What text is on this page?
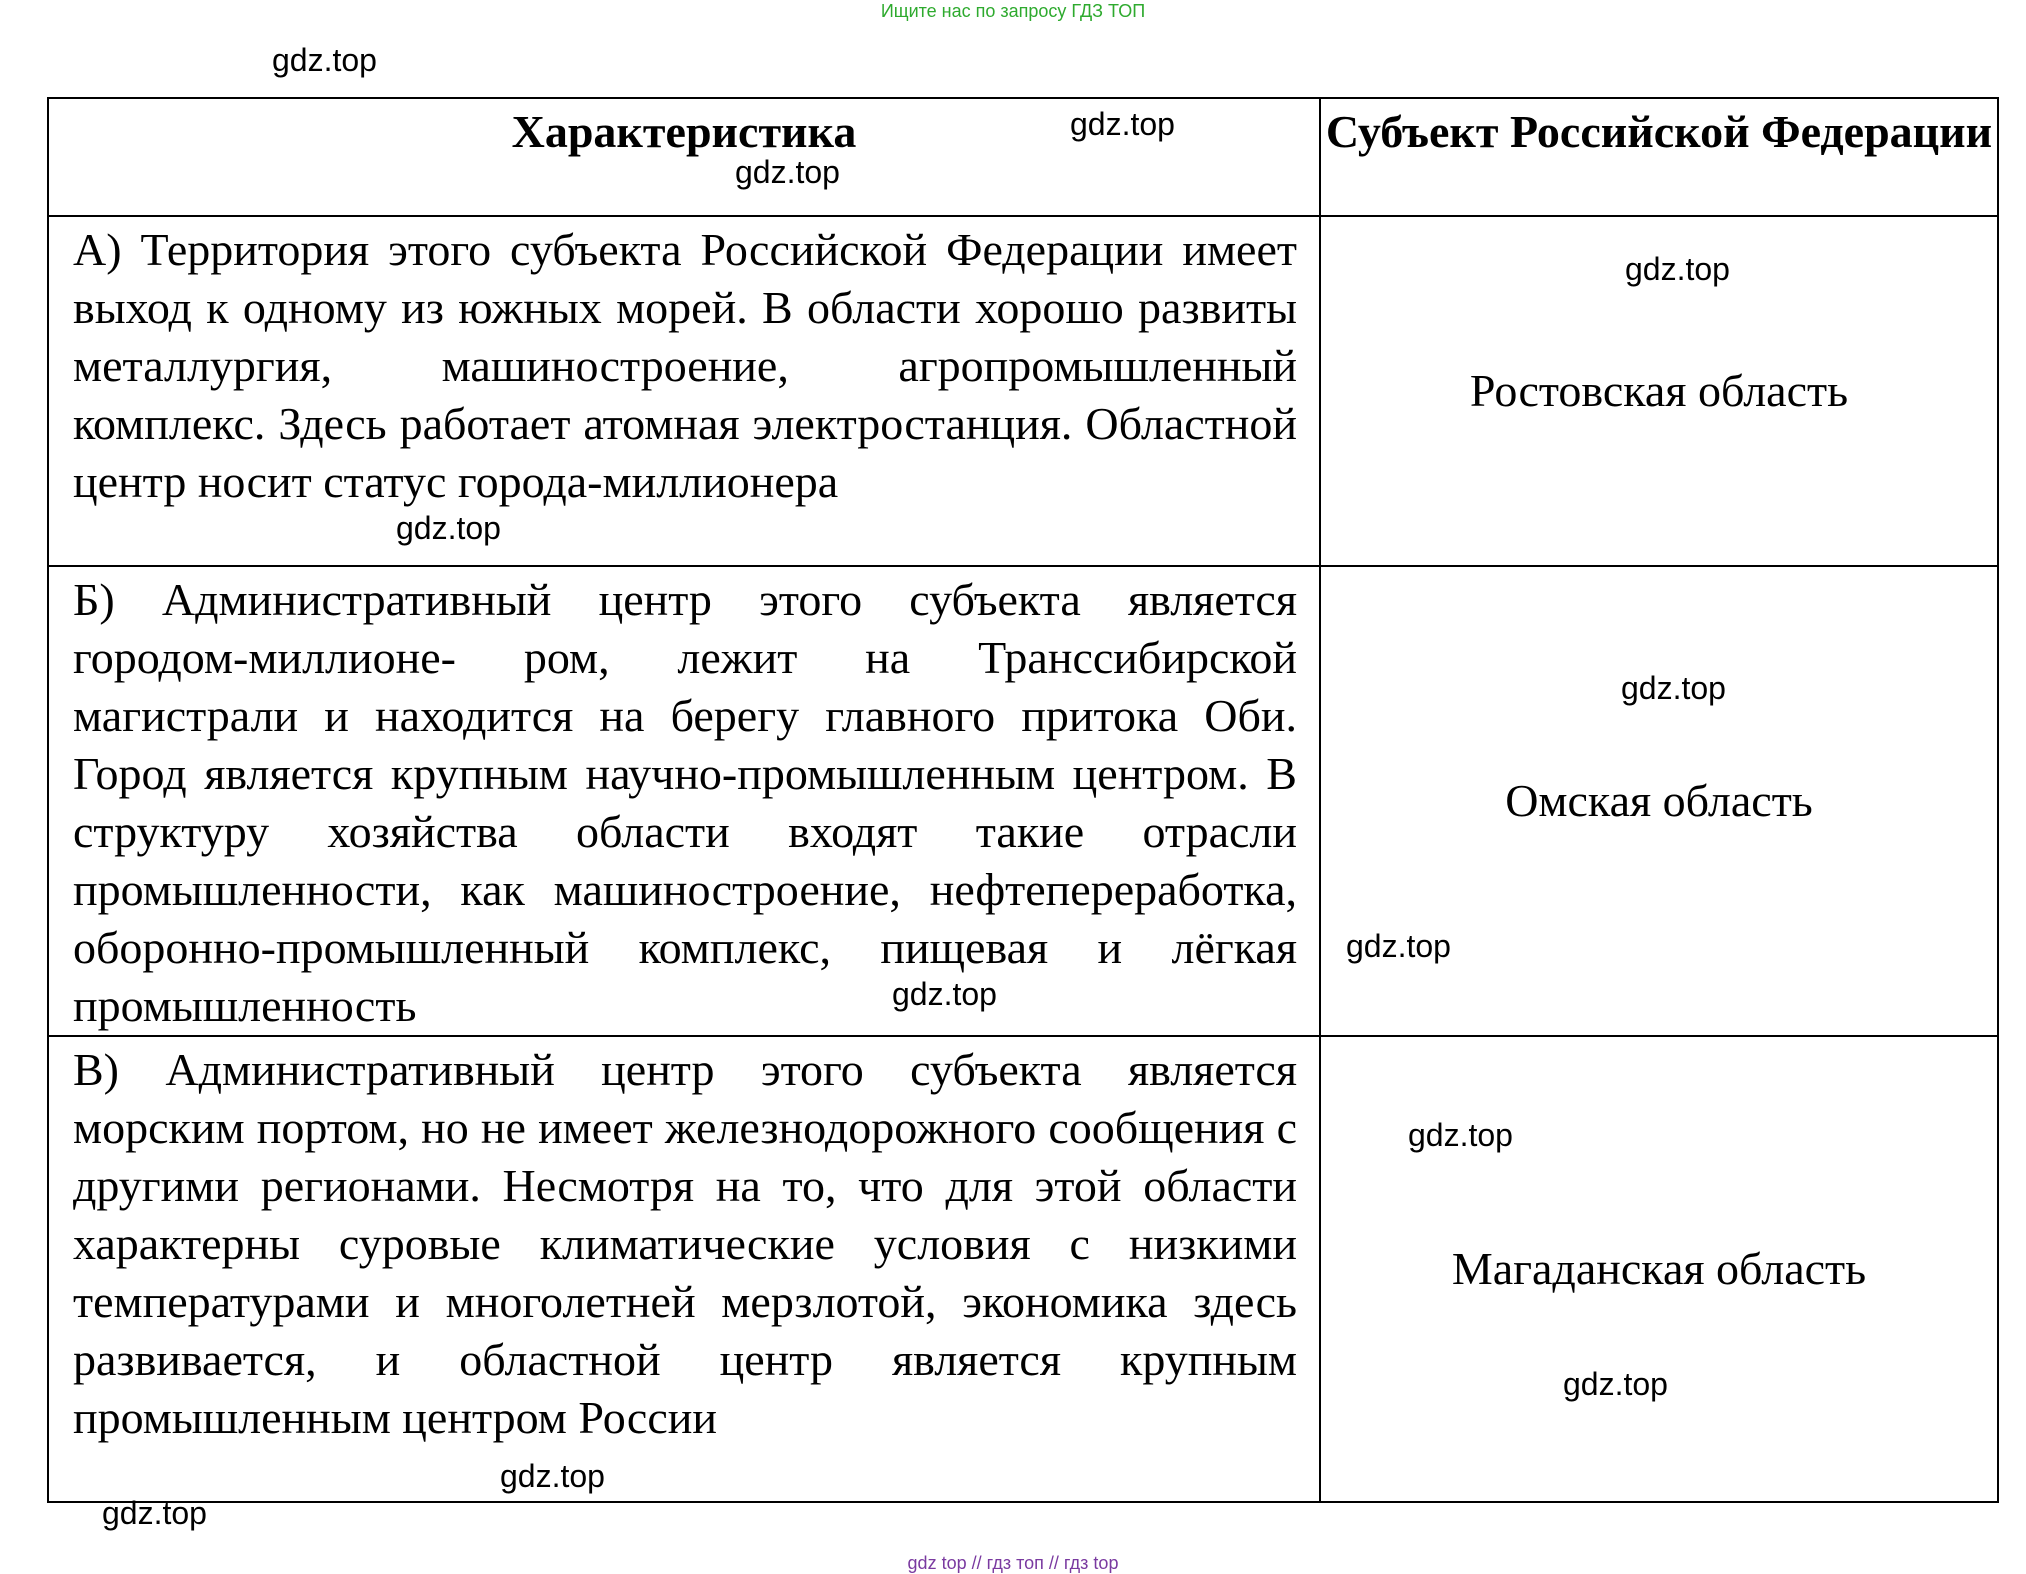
Ищите нас по запросу ГДЗ ТОП
Характеристика	Субъект Российской Федерации
А) Территория этого субъекта Российской Федерации имеет выход к одному из южных морей. В области хорошо развиты металлургия, машиностроение, агропромышленный комплекс. Здесь работает атомная электростанция. Областной центр носит статус города-миллионера	Ростовская область
Б) Административный центр этого субъекта является городом-миллионе- ром, лежит на Транссибирской магистрали и находится на берегу главного притока Оби. Город является крупным научно-промышленным центром. В структуру хозяйства области входят такие отрасли промышленности, как машиностроение, нефтепереработка, оборонно-промышленный комплекс, пищевая и лёгкая промышленность	Омская область
В) Административный центр этого субъекта является морским портом, но не имеет железнодорожного сообщения с другими регионами. Несмотря на то, что для этой области характерны суровые климатические условия с низкими температурами и многолетней мерзлотой, экономика здесь развивается, и областной центр является крупным промышленным центром России	Магаданская область
gdz.top
gdz.top
gdz.top
gdz.top
gdz.top
gdz.top
gdz.top
gdz.top
gdz.top
gdz.top
gdz.top
gdz.top
gdz top // гдз топ // гдз top
